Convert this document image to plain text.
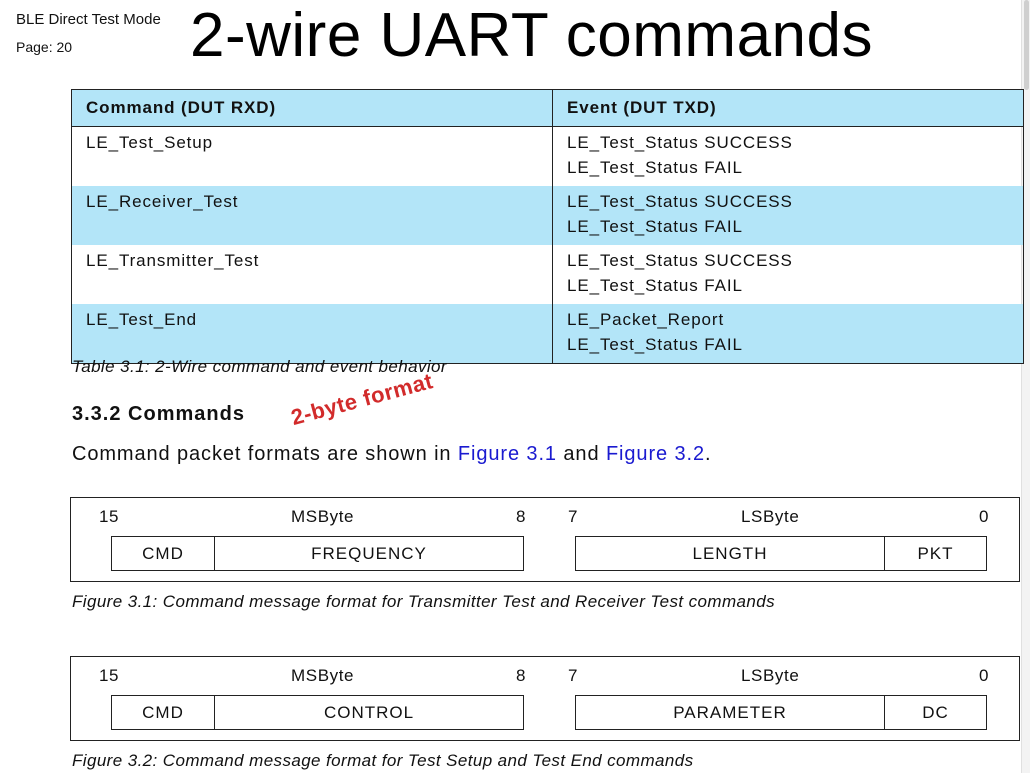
BLE Direct Test Mode
Page: 20 2-wire UART commands
Command (DUT RXD)	Event (DUT TXD)
LE_Test_Setup	LE_Test_Status SUCCESS
LE_Test_Status FAIL

LE_Receiver_Test	LE_Test_Status SUCCESS
LE_Test_Status FAIL

LE_Transmitter_Test	LE_Test_Status SUCCESS
LE_Test_Status FAIL

LE_Test_End	LE_Packet_Report
LE_Test_Status FAIL
Table 3.1: 2-Wire command and event behavior
3.3.2 Commands
Command packet formats are shown in Figure 3.1 and Figure 3.2.
2-byte format
15	MSByte	8 7	LSByte	0
CMD	FREQUENCY	LENGTH	PKT
Figure 3.1: Command message format for Transmitter Test and Receiver Test commands
15	MSByte	8 7	LSByte	0
CMD	CONTROL	PARAMETER	DC
Figure 3.2: Command message format for Test Setup and Test End commands
